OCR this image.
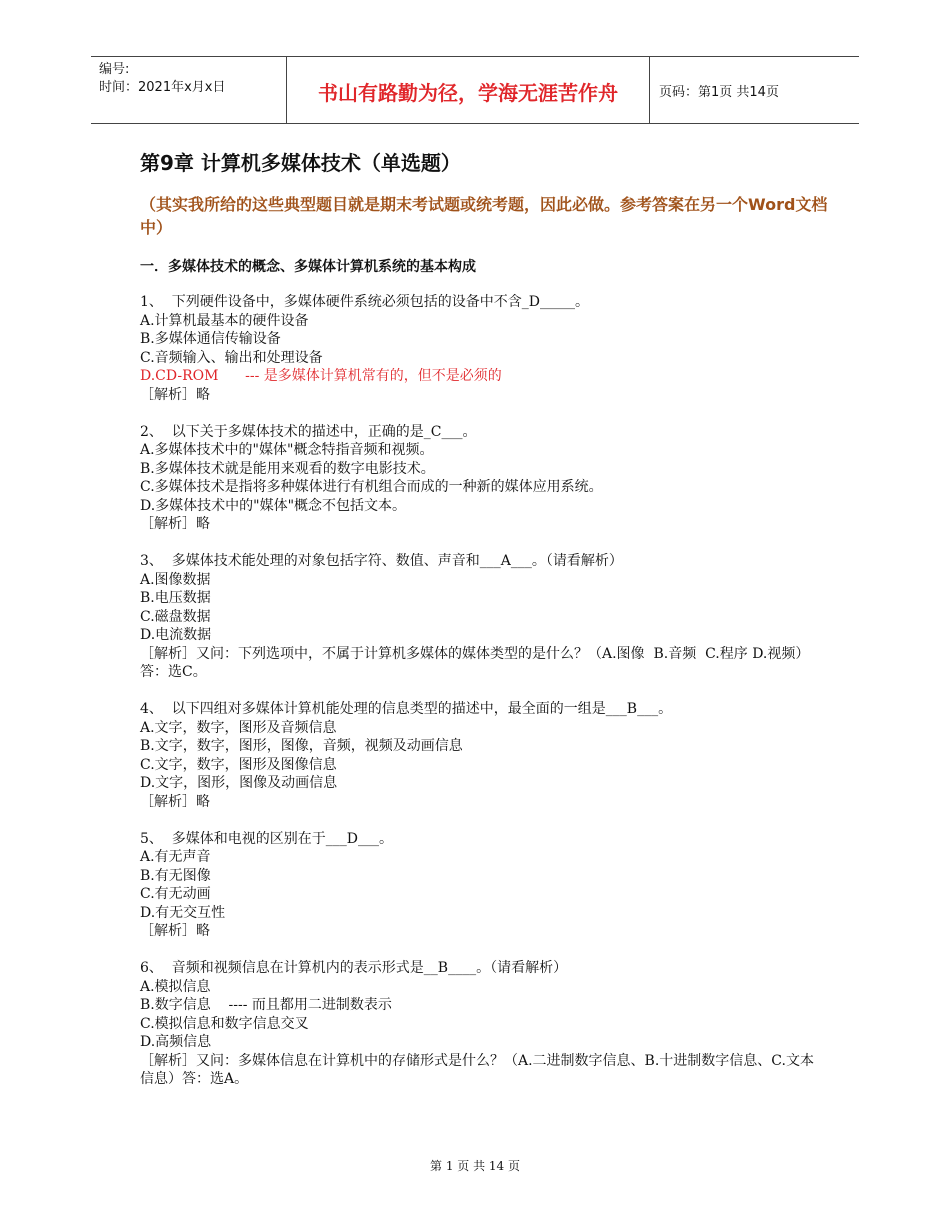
编号:
时间：2021年x月x日	书山有路勤为径，学海无涯苦作舟	页码：第1页 共14页
第9章 计算机多媒体技术（单选题）
（其实我所给的这些典型题目就是期末考试题或统考题，因此必做。参考答案在另一个Word文档中）
一．多媒体技术的概念、多媒体计算机系统的基本构成
1、  下列硬件设备中，多媒体硬件系统必须包括的设备中不含_D_____。
A.计算机最基本的硬件设备
B.多媒体通信传输设备
C.音频输入、输出和处理设备
D.CD-ROM      --- 是多媒体计算机常有的，但不是必须的
［解析］略
2、  以下关于多媒体技术的描述中，正确的是_C___。
A.多媒体技术中的"媒体"概念特指音频和视频。
B.多媒体技术就是能用来观看的数字电影技术。
C.多媒体技术是指将多种媒体进行有机组合而成的一种新的媒体应用系统。
D.多媒体技术中的"媒体"概念不包括文本。
［解析］略
3、  多媒体技术能处理的对象包括字符、数值、声音和___A___。（请看解析）
A.图像数据
B.电压数据
C.磁盘数据
D.电流数据
［解析］又问：下列选项中，不属于计算机多媒体的媒体类型的是什么？（A.图像  B.音频  C.程序 D.视频）答：选C。
4、  以下四组对多媒体计算机能处理的信息类型的描述中，最全面的一组是___B___。
A.文字，数字，图形及音频信息
B.文字，数字，图形，图像，音频，视频及动画信息
C.文字，数字，图形及图像信息
D.文字，图形，图像及动画信息
［解析］略
5、  多媒体和电视的区别在于___D___。
A.有无声音
B.有无图像
C.有无动画
D.有无交互性
［解析］略
6、  音频和视频信息在计算机内的表示形式是__B____。（请看解析）
A.模拟信息
B.数字信息    ---- 而且都用二进制数表示
C.模拟信息和数字信息交叉
D.高频信息
［解析］又问：多媒体信息在计算机中的存储形式是什么？（A.二进制数字信息、B.十进制数字信息、C.文本信息）答：选A。
第 1 页 共 14 页
